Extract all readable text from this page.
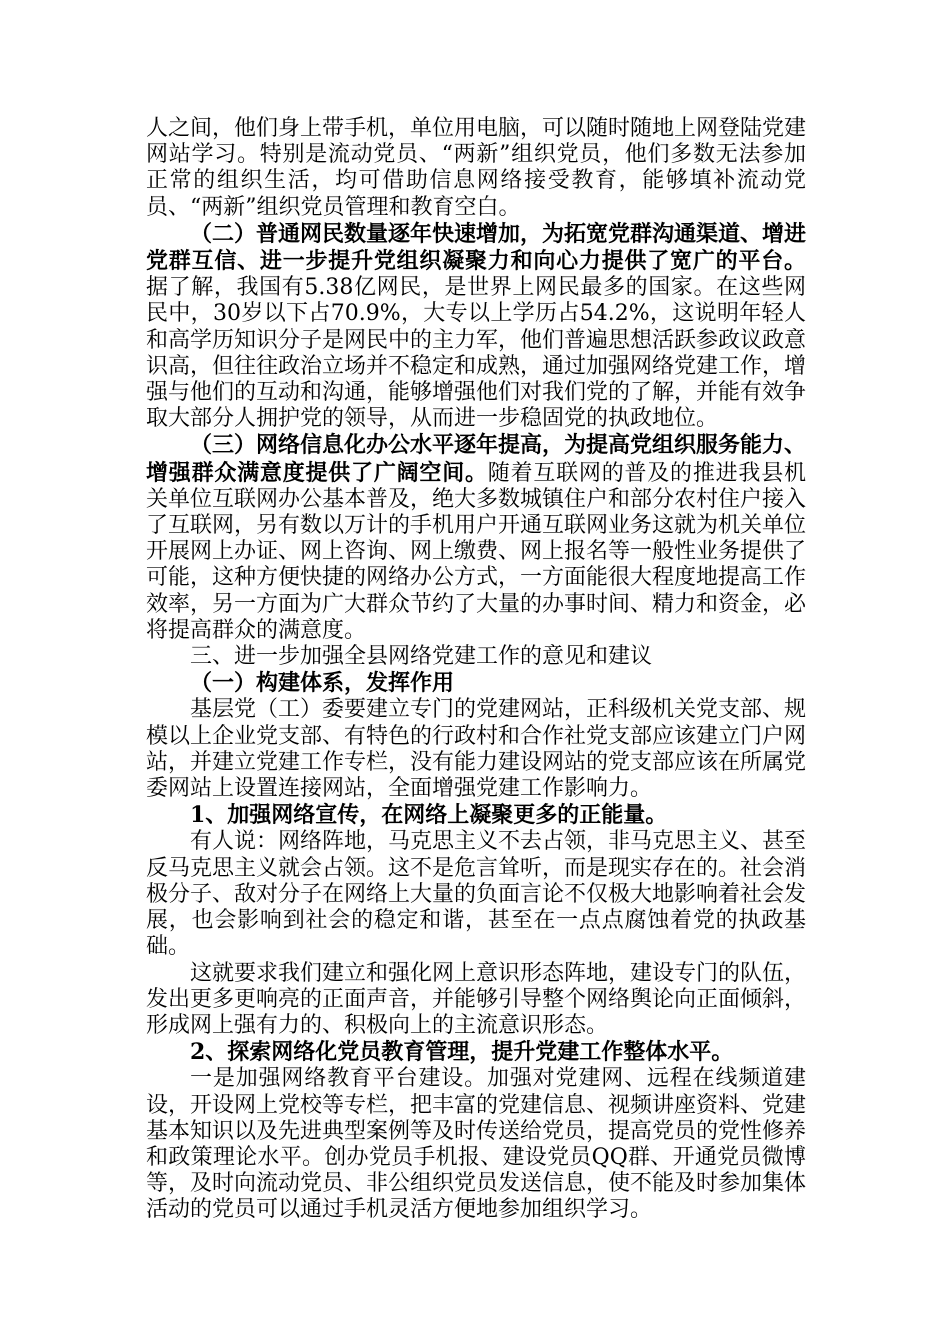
人之间，他们身上带手机，单位用电脑，可以随时随地上网登陆党建网站学习。特别是流动党员、“两新”组织党员，他们多数无法参加正常的组织生活，均可借助信息网络接受教育，能够填补流动党员、“两新”组织党员管理和教育空白。

（二）普通网民数量逐年快速增加，为拓宽党群沟通渠道、增进党群互信、进一步提升党组织凝聚力和向心力提供了宽广的平台。据了解，我国有5.38亿网民，是世界上网民最多的国家。在这些网民中，30岁以下占70.9%，大专以上学历占54.2%，这说明年轻人和高学历知识分子是网民中的主力军，他们普遍思想活跃参政议政意识高，但往往政治立场并不稳定和成熟，通过加强网络党建工作，增强与他们的互动和沟通，能够增强他们对我们党的了解，并能有效争取大部分人拥护党的领导，从而进一步稳固党的执政地位。

（三）网络信息化办公水平逐年提高，为提高党组织服务能力、增强群众满意度提供了广阔空间。随着互联网的普及的推进我县机关单位互联网办公基本普及，绝大多数城镇住户和部分农村住户接入了互联网，另有数以万计的手机用户开通互联网业务这就为机关单位开展网上办证、网上咨询、网上缴费、网上报名等一般性业务提供了可能，这种方便快捷的网络办公方式，一方面能很大程度地提高工作效率，另一方面为广大群众节约了大量的办事时间、精力和资金，必将提高群众的满意度。

三、进一步加强全县网络党建工作的意见和建议

（一）构建体系，发挥作用

基层党（工）委要建立专门的党建网站，正科级机关党支部、规模以上企业党支部、有特色的行政村和合作社党支部应该建立门户网站，并建立党建工作专栏，没有能力建设网站的党支部应该在所属党委网站上设置连接网站，全面增强党建工作影响力。

1、加强网络宣传，在网络上凝聚更多的正能量。

有人说：网络阵地，马克思主义不去占领，非马克思主义、甚至反马克思主义就会占领。这不是危言耸听，而是现实存在的。社会消极分子、敌对分子在网络上大量的负面言论不仅极大地影响着社会发展，也会影响到社会的稳定和谐，甚至在一点点腐蚀着党的执政基础。

这就要求我们建立和强化网上意识形态阵地，建设专门的队伍，发出更多更响亮的正面声音，并能够引导整个网络舆论向正面倾斜，形成网上强有力的、积极向上的主流意识形态。

2、探索网络化党员教育管理，提升党建工作整体水平。

一是加强网络教育平台建设。加强对党建网、远程在线频道建设，开设网上党校等专栏，把丰富的党建信息、视频讲座资料、党建基本知识以及先进典型案例等及时传送给党员，提高党员的党性修养和政策理论水平。创办党员手机报、建设党员QQ群、开通党员微博等，及时向流动党员、非公组织党员发送信息，使不能及时参加集体活动的党员可以通过手机灵活方便地参加组织学习。
